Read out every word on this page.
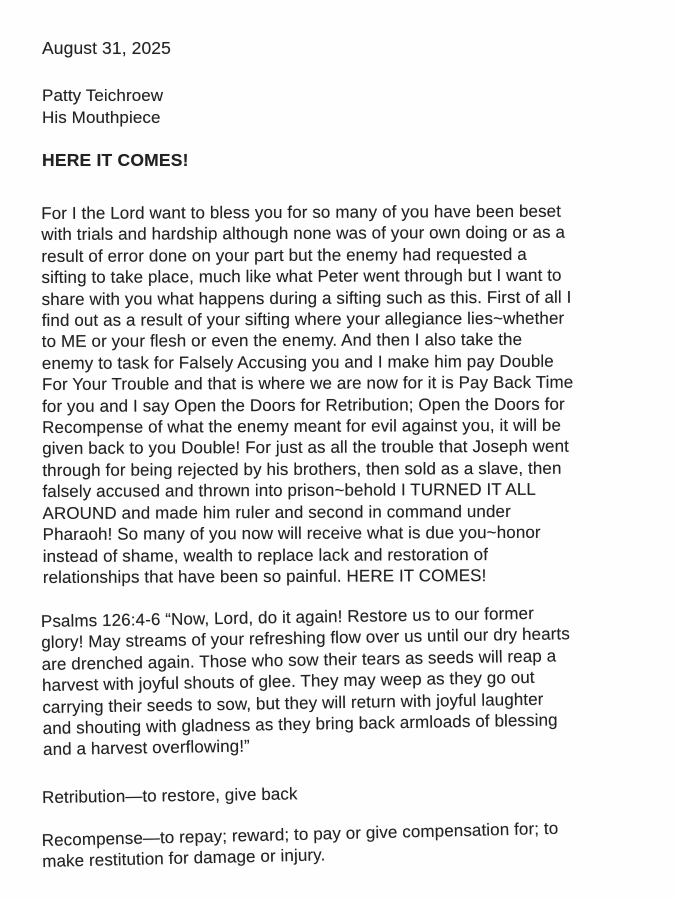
August 31, 2025

Patty Teichroew
His Mouthpiece
HERE IT COMES!

For I the Lord want to bless you for so many of you have been beset
with trials and hardship although none was of your own doing or as a
result of error done on your part but the enemy had requested a
sifting to take place, much like what Peter went through but I want to
share with you what happens during a sifting such as this. First of all I
find out as a result of your sifting where your allegiance lies~whether
to ME or your flesh or even the enemy. And then I also take the
enemy to task for Falsely Accusing you and I make him pay Double
For Your Trouble and that is where we are now for it is Pay Back Time
for you and I say Open the Doors for Retribution; Open the Doors for
Recompense of what the enemy meant for evil against you, it will be
given back to you Double! For just as all the trouble that Joseph went
through for being rejected by his brothers, then sold as a slave, then
falsely accused and thrown into prison~behold I TURNED IT ALL
AROUND and made him ruler and second in command under
Pharaoh! So many of you now will receive what is due you~honor
instead of shame, wealth to replace lack and restoration of
relationships that have been so painful. HERE IT COMES!

Psalms 126:4-6 “Now, Lord, do it again! Restore us to our former
glory! May streams of your refreshing flow over us until our dry hearts
are drenched again. Those who sow their tears as seeds will reap a
harvest with joyful shouts of glee. They may weep as they go out
carrying their seeds to sow, but they will return with joyful laughter
and shouting with gladness as they bring back armloads of blessing
and a harvest overflowing!”

Retribution—to restore, give back

Recompense—to repay; reward; to pay or give compensation for; to
make restitution for damage or injury.
